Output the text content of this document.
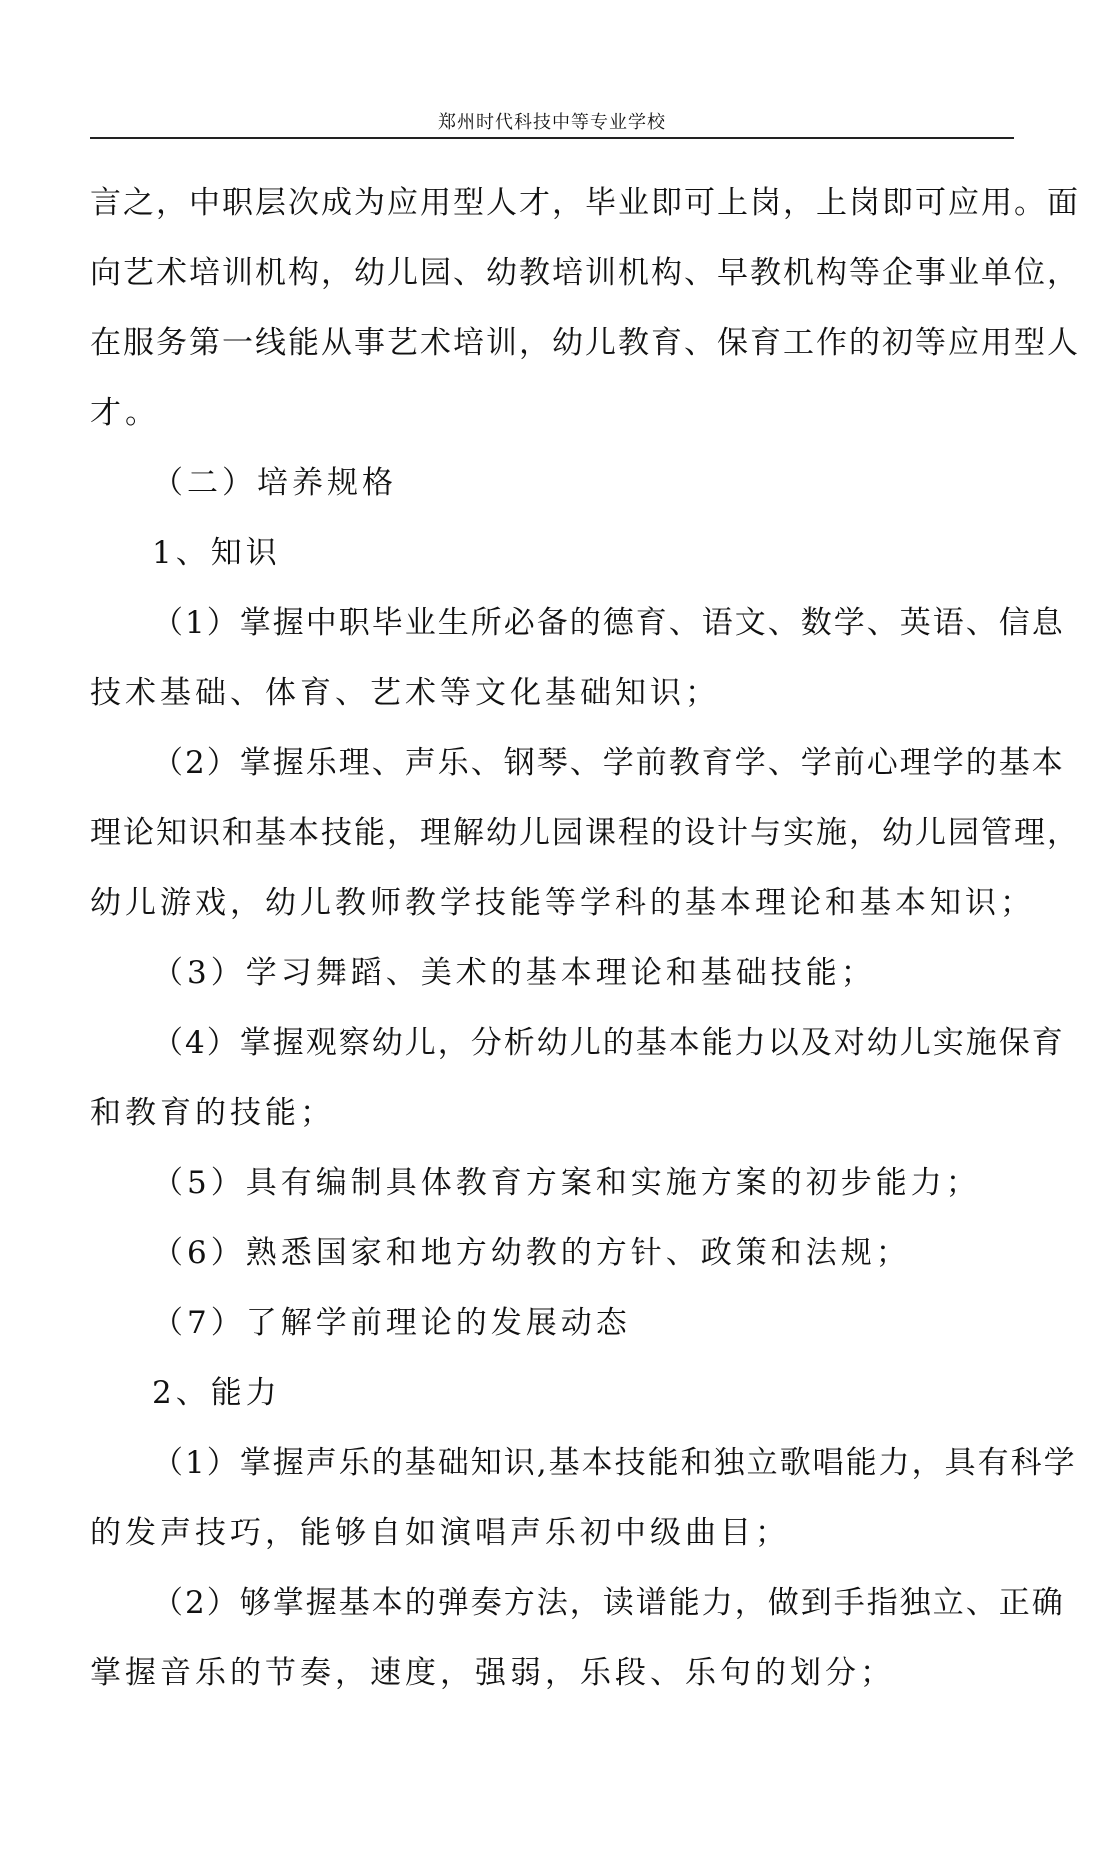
郑州时代科技中等专业学校
言之，中职层次成为应用型人才，毕业即可上岗，上岗即可应用。面
向艺术培训机构，幼儿园、幼教培训机构、早教机构等企事业单位，
在服务第一线能从事艺术培训，幼儿教育、保育工作的初等应用型人
才。
（二）培养规格
1、知识
（1）掌握中职毕业生所必备的德育、语文、数学、英语、信息
技术基础、体育、艺术等文化基础知识；
（2）掌握乐理、声乐、钢琴、学前教育学、学前心理学的基本
理论知识和基本技能，理解幼儿园课程的设计与实施，幼儿园管理，
幼儿游戏，幼儿教师教学技能等学科的基本理论和基本知识；
（3）学习舞蹈、美术的基本理论和基础技能；
（4）掌握观察幼儿，分析幼儿的基本能力以及对幼儿实施保育
和教育的技能；
（5）具有编制具体教育方案和实施方案的初步能力；
（6）熟悉国家和地方幼教的方针、政策和法规；
（7）了解学前理论的发展动态
2、能力
（1）掌握声乐的基础知识,基本技能和独立歌唱能力，具有科学
的发声技巧，能够自如演唱声乐初中级曲目；
（2）够掌握基本的弹奏方法，读谱能力，做到手指独立、正确
掌握音乐的节奏，速度，强弱，乐段、乐句的划分；
